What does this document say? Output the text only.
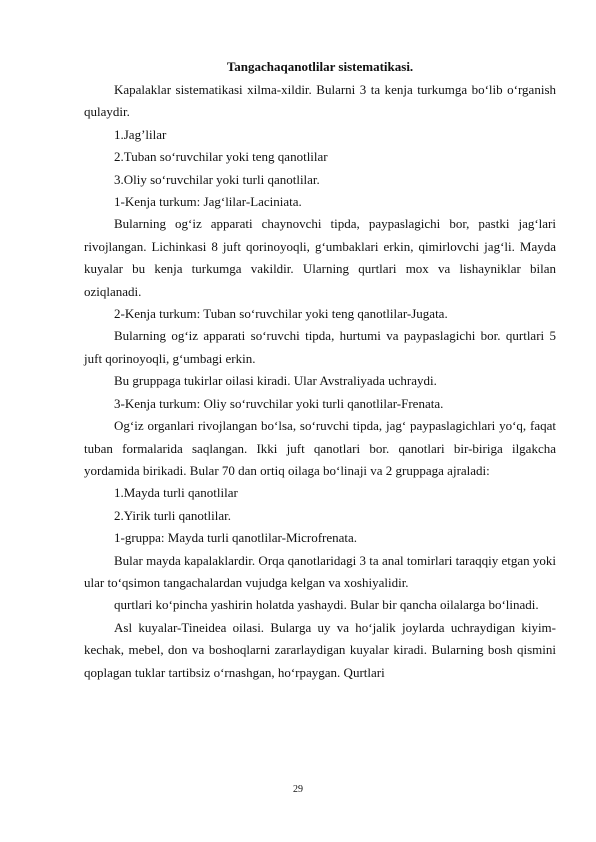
Tangachaqanotlilar sistematikasi.

Kapalaklar sistematikasi xilma-xildir. Bularni 3 ta kenja turkumga bo‘lib o‘rganish qulaydir.

1.Jag’lilar

2.Tuban so‘ruvchilar yoki teng qanotlilar

3.Oliy so‘ruvchilar yoki turli qanotlilar.

1-Kenja turkum: Jag‘lilar-Laciniata.

Bularning og‘iz apparati chaynovchi tipda, paypaslagichi bor, pastki jag‘lari rivojlangan. Lichinkasi 8 juft qorinoyoqli, g‘umbaklari erkin, qimirlovchi jag‘li. Mayda kuyalar bu kenja turkumga vakildir. Ularning qurtlari mox va lishayniklar bilan oziqlanadi.

2-Kenja turkum: Tuban so‘ruvchilar yoki teng qanotlilar-Jugata.

Bularning og‘iz apparati so‘ruvchi tipda, hurtumi va paypaslagichi bor. qurtlari 5 juft qorinoyoqli, g‘umbagi erkin.

Bu gruppaga tukirlar oilasi kiradi. Ular Avstraliyada uchraydi.

3-Kenja turkum: Oliy so‘ruvchilar yoki turli qanotlilar-Frenata.

Og‘iz organlari rivojlangan bo‘lsa, so‘ruvchi tipda, jag‘ paypaslagichlari yo‘q, faqat tuban formalarida saqlangan. Ikki juft qanotlari bor. qanotlari bir-biriga ilgakcha yordamida birikadi. Bular 70 dan ortiq oilaga bo‘linaji va 2 gruppaga ajraladi:

1.Mayda turli qanotlilar

2.Yirik turli qanotlilar.

1-gruppa: Mayda turli qanotlilar-Microfrenata.

Bular mayda kapalaklardir. Orqa qanotlaridagi 3 ta anal tomirlari taraqqiy etgan yoki ular to‘qsimon tangachalardan vujudga kelgan va xoshiyalidir.

qurtlari ko‘pincha yashirin holatda yashaydi. Bular bir qancha oilalarga bo‘linadi.

Asl kuyalar-Tineidea oilasi. Bularga uy va ho‘jalik joylarda uchraydigan kiyim-kechak, mebel, don va boshoqlarni zararlaydigan kuyalar kiradi. Bularning bosh qismini qoplagan tuklar tartibsiz o‘rnashgan, ho‘rpaygan. Qurtlari

29
